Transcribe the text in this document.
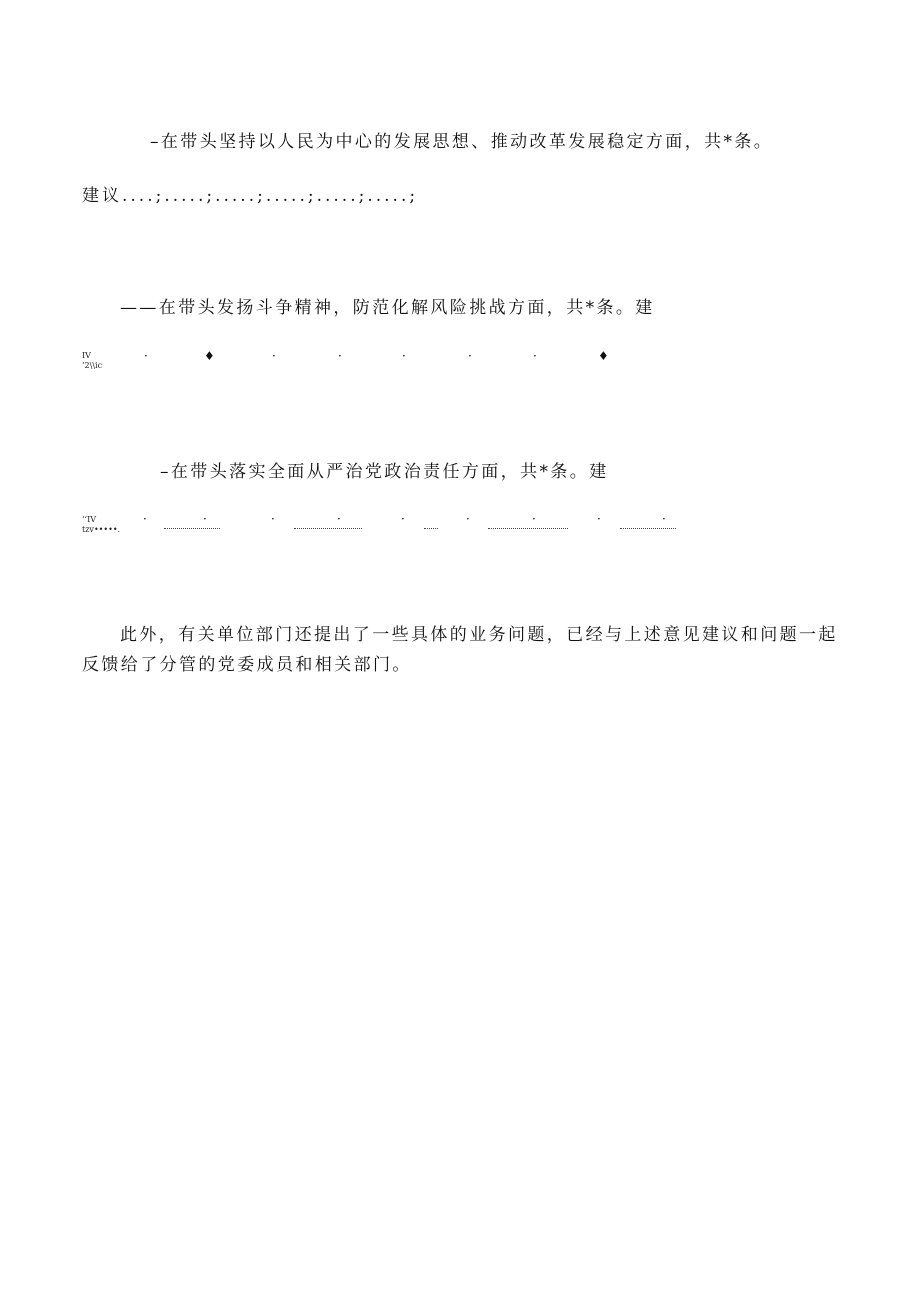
–在带头坚持以人民为中心的发展思想、推动改革发展稳定方面，共*条。
建议....;.....;.....;.....;.....;.....;
——在带头发扬斗争精神，防范化解风险挑战方面，共*条。建
IV
‘2\\ic
·	♦	·	·	·	·	·	♦
–在带头落实全面从严治党政治责任方面，共*条。建
‘‘IV
tzv•••••.
·	·	·	·	·	·	·	·	·
此外，有关单位部门还提出了一些具体的业务问题，已经与上述意见建议和问题一起反馈给了分管的党委成员和相关部门。
